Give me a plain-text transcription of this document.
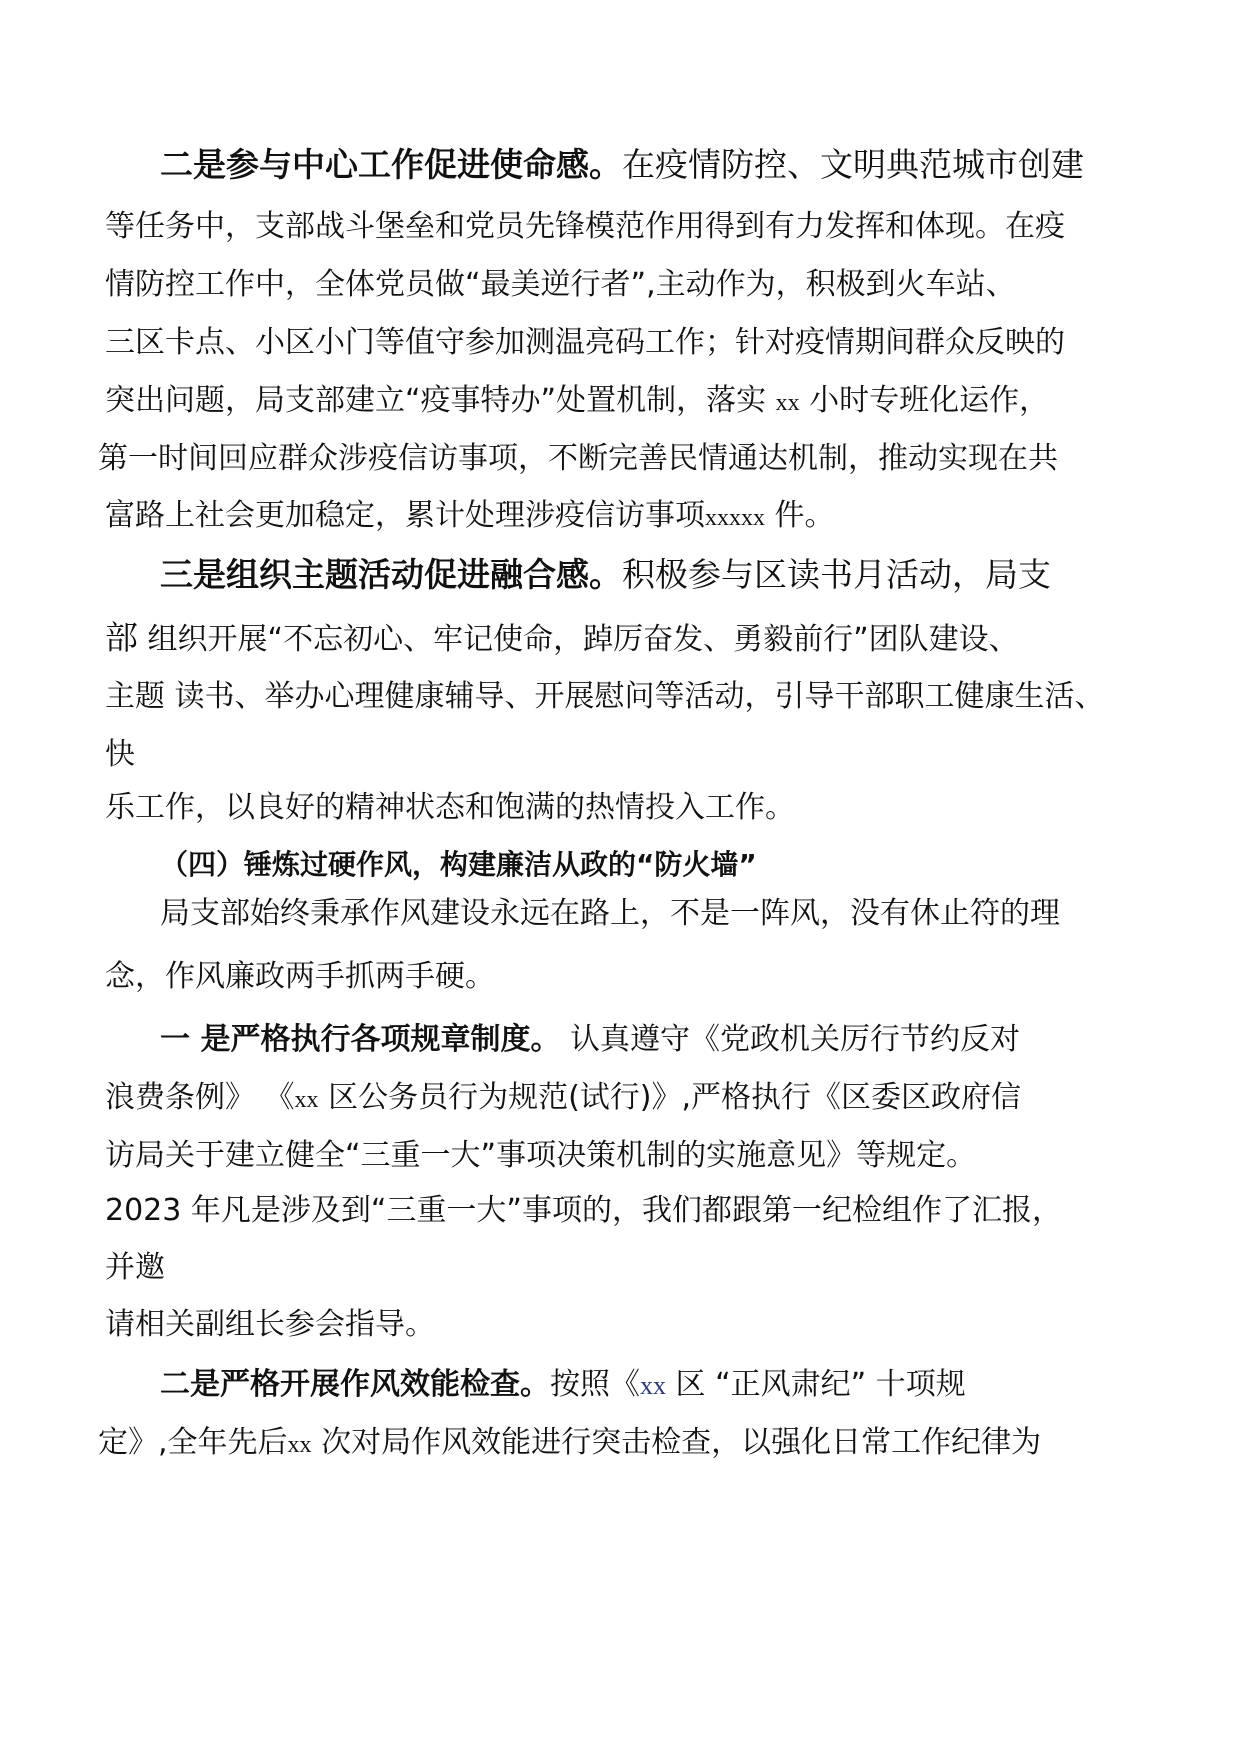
二是参与中心工作促进使命感。在疫情防控、文明典范城市创建
等任务中，支部战斗堡垒和党员先锋模范作用得到有力发挥和体现。在疫
情防控工作中，全体党员做“最美逆行者”,主动作为，积极到火车站、
三区卡点、小区小门等值守参加测温亮码工作；针对疫情期间群众反映的
突出问题，局支部建立“疫事特办”处置机制，落实 xx 小时专班化运作，
第一时间回应群众涉疫信访事项，不断完善民情通达机制，推动实现在共
富路上社会更加稳定，累计处理涉疫信访事项xxxxx 件。
三是组织主题活动促进融合感。积极参与区读书月活动，局支
部 组织开展“不忘初心、牢记使命，踔厉奋发、勇毅前行”团队建设、
主题 读书、举办心理健康辅导、开展慰问等活动，引导干部职工健康生活、
快
乐工作，以良好的精神状态和饱满的热情投入工作。
（四）锤炼过硬作风，构建廉洁从政的“防火墙”
局支部始终秉承作风建设永远在路上，不是一阵风，没有休止符的理
念，作风廉政两手抓两手硬。
一 是严格执行各项规章制度。 认真遵守《党政机关厉行节约反对
浪费条例》 《xx 区公务员行为规范(试行)》,严格执行《区委区政府信
访局关于建立健全“三重一大”事项决策机制的实施意见》等规定。
2023 年凡是涉及到“三重一大”事项的，我们都跟第一纪检组作了汇报，
并邀
请相关副组长参会指导。
二是严格开展作风效能检查。按照《xx 区 “正风肃纪” 十项规
定》,全年先后xx 次对局作风效能进行突击检查，以强化日常工作纪律为
